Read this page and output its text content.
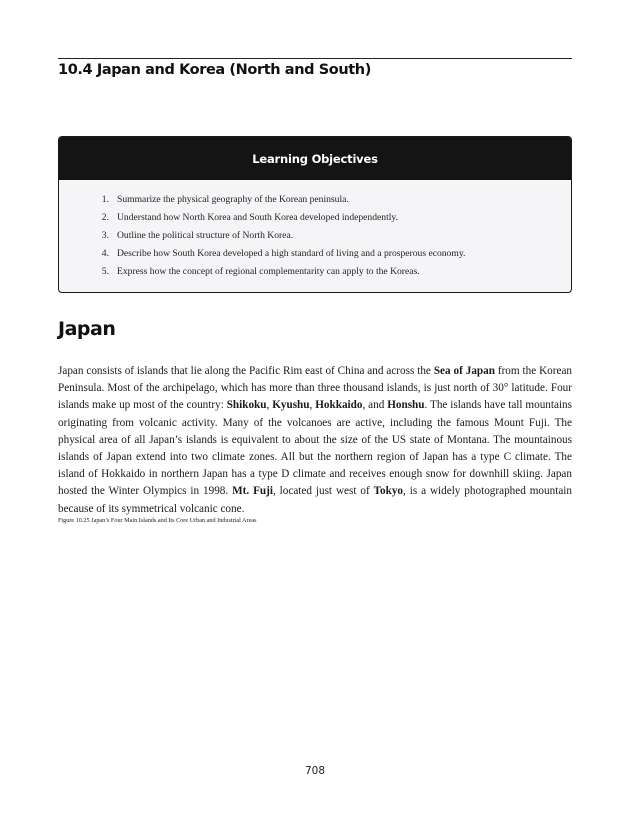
10.4 Japan and Korea (North and South)
Learning Objectives
1. Summarize the physical geography of the Korean peninsula.
2. Understand how North Korea and South Korea developed independently.
3. Outline the political structure of North Korea.
4. Describe how South Korea developed a high standard of living and a prosperous economy.
5. Express how the concept of regional complementarity can apply to the Koreas.
Japan

Japan consists of islands that lie along the Pacific Rim east of China and across the Sea of Japan from the Korean Peninsula. Most of the archipelago, which has more than three thousand islands, is just north of 30° latitude. Four islands make up most of the country: Shikoku, Kyushu, Hokkaido, and Honshu. The islands have tall mountains originating from volcanic activity. Many of the volcanoes are active, including the famous Mount Fuji. The physical area of all Japan’s islands is equivalent to about the size of the US state of Montana. The mountainous islands of Japan extend into two climate zones. All but the northern region of Japan has a type C climate. The island of Hokkaido in northern Japan has a type D climate and receives enough snow for downhill skiing. Japan hosted the Winter Olympics in 1998. Mt. Fuji, located just west of Tokyo, is a widely photographed mountain because of its symmetrical volcanic cone.

Figure 10.25 Japan’s Four Main Islands and Its Core Urban and Industrial Areas
708
